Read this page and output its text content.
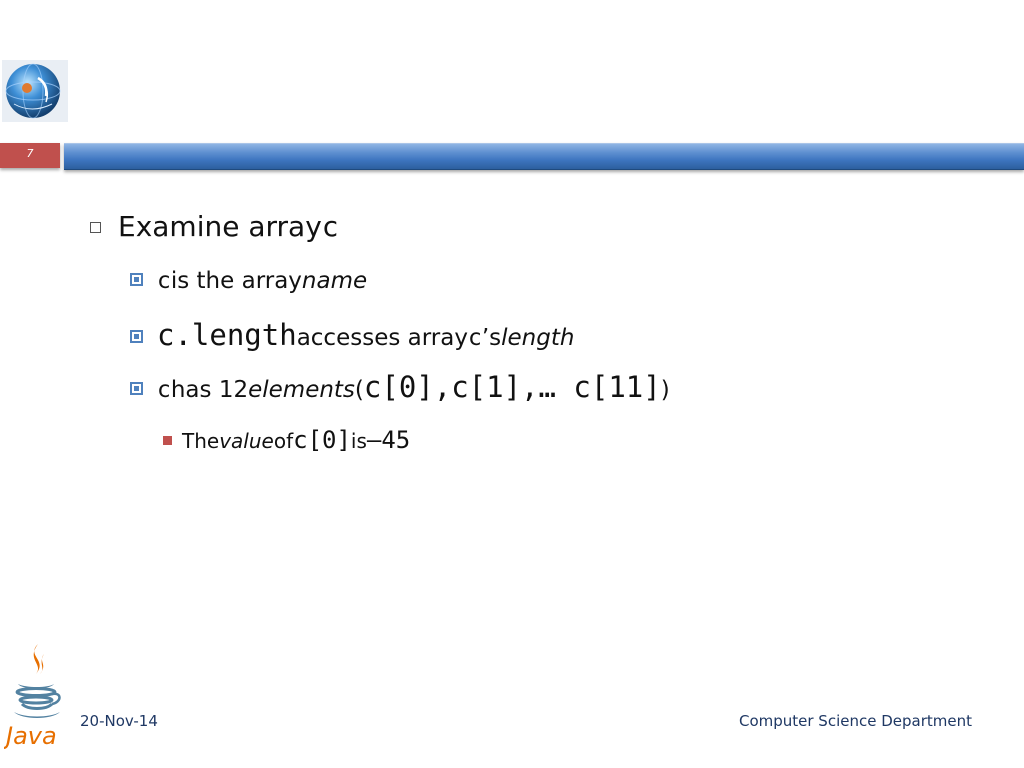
7
Examine array c
c is the array name
c.length accesses array c ’s length
c has 12 elements ( c[0],c[1],… c[11] )
The value of c[0] is –45
Java
20-Nov-14	Computer Science Department
